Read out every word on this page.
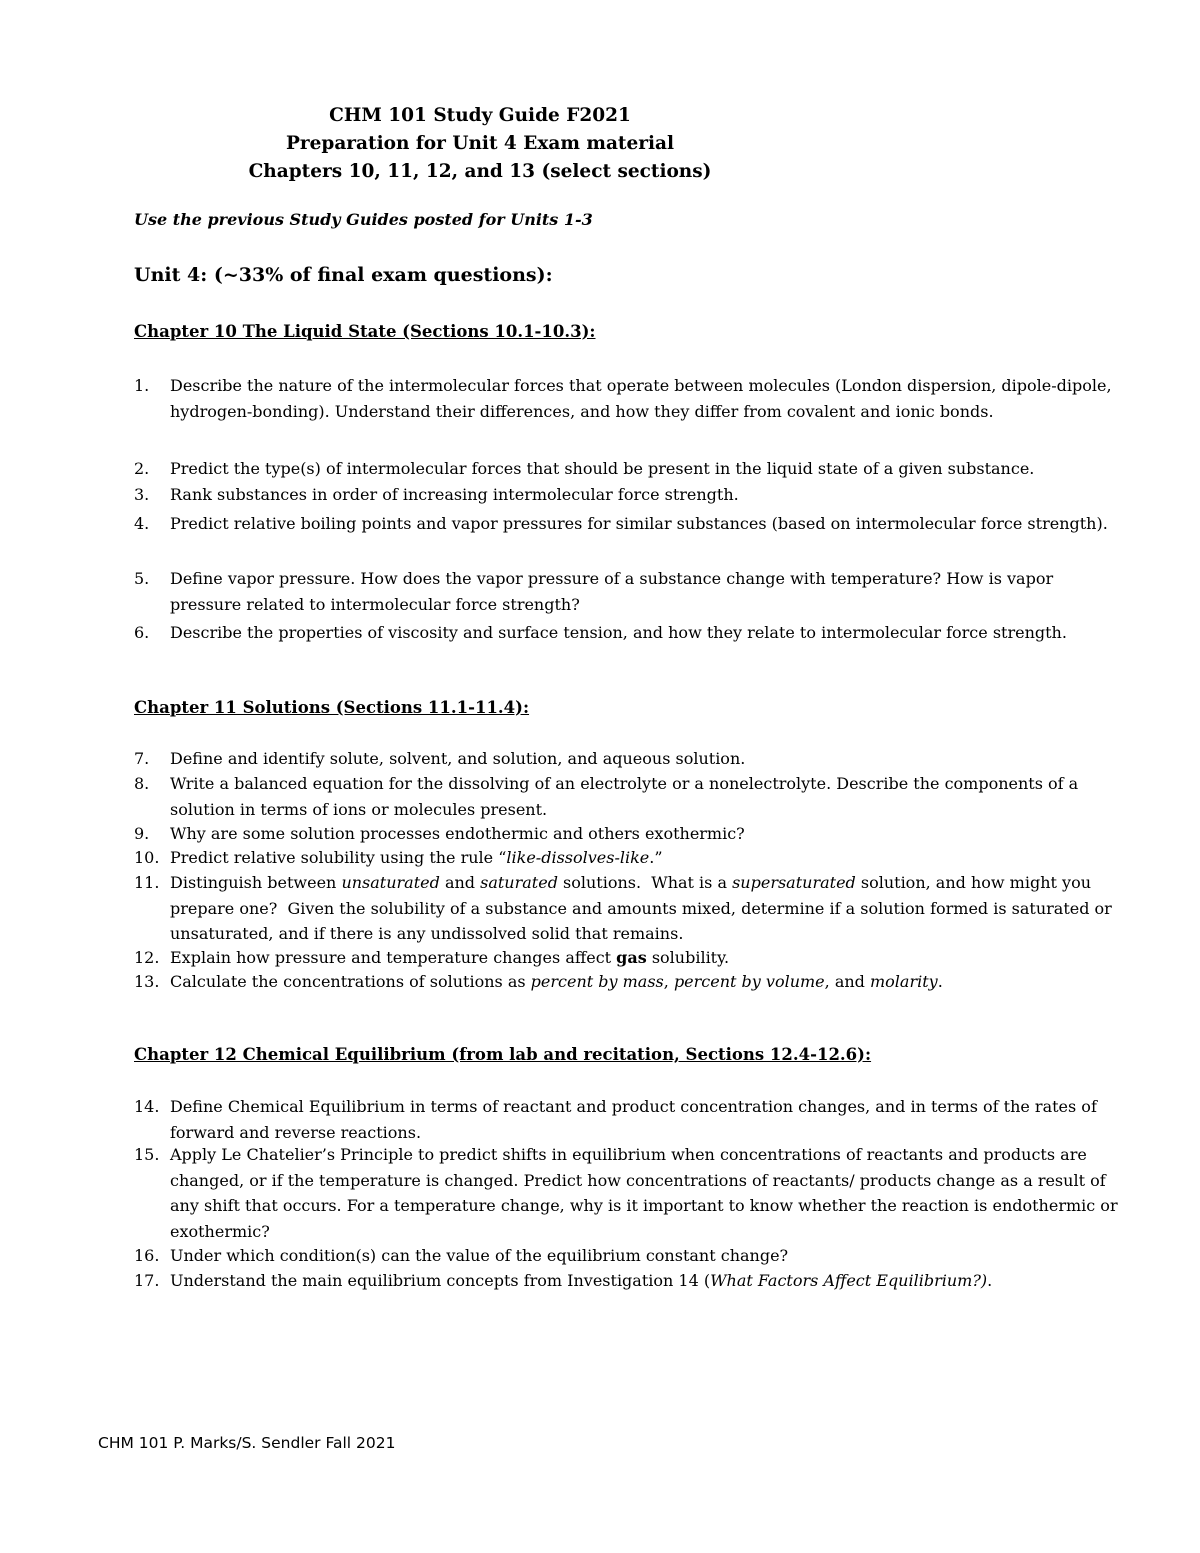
CHM 101 Study Guide F2021
Preparation for Unit 4 Exam material
Chapters 10, 11, 12, and 13 (select sections)
Use the previous Study Guides posted for Units 1-3
Unit 4: (~33% of final exam questions):
Chapter 10 The Liquid State (Sections 10.1-10.3):
1.	Describe the nature of the intermolecular forces that operate between molecules (London dispersion, dipole-dipole, hydrogen-bonding). Understand their differences, and how they differ from covalent and ionic bonds.
2.	Predict the type(s) of intermolecular forces that should be present in the liquid state of a given substance.
3.	Rank substances in order of increasing intermolecular force strength.
4.	Predict relative boiling points and vapor pressures for similar substances (based on intermolecular force strength).
5.	Define vapor pressure. How does the vapor pressure of a substance change with temperature? How is vapor pressure related to intermolecular force strength?
6.	Describe the properties of viscosity and surface tension, and how they relate to intermolecular force strength.
Chapter 11 Solutions (Sections 11.1-11.4):
7.	Define and identify solute, solvent, and solution, and aqueous solution.
8.	Write a balanced equation for the dissolving of an electrolyte or a nonelectrolyte. Describe the components of a solution in terms of ions or molecules present.
9.	Why are some solution processes endothermic and others exothermic?
10. Predict relative solubility using the rule “like-dissolves-like.”
11. Distinguish between unsaturated and saturated solutions.  What is a supersaturated solution, and how might you prepare one?  Given the solubility of a substance and amounts mixed, determine if a solution formed is saturated or unsaturated, and if there is any undissolved solid that remains.
12. Explain how pressure and temperature changes affect gas solubility.
13. Calculate the concentrations of solutions as percent by mass, percent by volume, and molarity.
Chapter 12 Chemical Equilibrium (from lab and recitation, Sections 12.4-12.6):
14. Define Chemical Equilibrium in terms of reactant and product concentration changes, and in terms of the rates of forward and reverse reactions.
15. Apply Le Chatelier’s Principle to predict shifts in equilibrium when concentrations of reactants and products are changed, or if the temperature is changed. Predict how concentrations of reactants/ products change as a result of any shift that occurs. For a temperature change, why is it important to know whether the reaction is endothermic or exothermic?
16. Under which condition(s) can the value of the equilibrium constant change?
17. Understand the main equilibrium concepts from Investigation 14 (What Factors Affect Equilibrium?).
CHM 101 P. Marks/S. Sendler Fall 2021
